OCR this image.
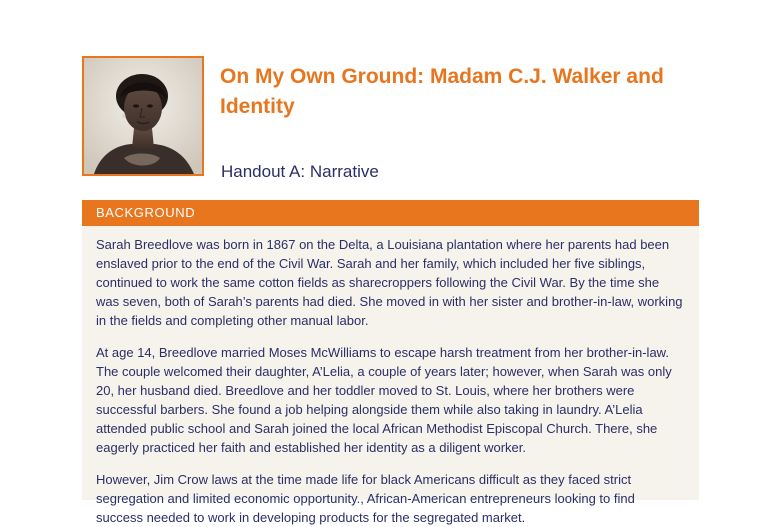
On My Own Ground: Madam C.J. Walker and Identity
Handout A: Narrative
BACKGROUND

Sarah Breedlove was born in 1867 on the Delta, a Louisiana plantation where her parents had been enslaved prior to the end of the Civil War. Sarah and her family, which included her five siblings, continued to work the same cotton fields as sharecroppers following the Civil War. By the time she was seven, both of Sarah’s parents had died. She moved in with her sister and brother-in-law, working in the fields and completing other manual labor.

At age 14, Breedlove married Moses McWilliams to escape harsh treatment from her brother-in-law. The couple welcomed their daughter, A’Lelia, a couple of years later; however, when Sarah was only 20, her husband died. Breedlove and her toddler moved to St. Louis, where her brothers were successful barbers. She found a job helping alongside them while also taking in laundry. A’Lelia attended public school and Sarah joined the local African Methodist Episcopal Church. There, she eagerly practiced her faith and established her identity as a diligent worker.

However, Jim Crow laws at the time made life for black Americans difficult as they faced strict segregation and limited economic opportunity., African-American entrepreneurs looking to find success needed to work in developing products for the segregated market.
